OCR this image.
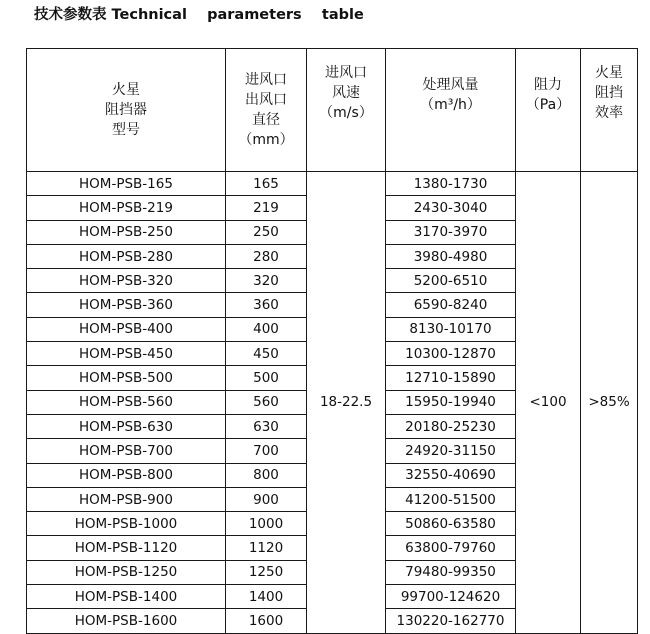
技术参数表 Technical    parameters    table
火星
阻挡器
型号	进风口
出风口
直径
（mm）	进风口
风速
（m/s）	处理风量
（m³/h）	阻力
（Pa）	火星
阻挡
效率

HOM-PSB-165	165	18-22.5	1380-1730	<100	>85%
HOM-PSB-219	219		2430-3040		
HOM-PSB-250	250		3170-3970		
HOM-PSB-280	280		3980-4980		
HOM-PSB-320	320		5200-6510		
HOM-PSB-360	360		6590-8240		
HOM-PSB-400	400		8130-10170		
HOM-PSB-450	450		10300-12870		
HOM-PSB-500	500		12710-15890		
HOM-PSB-560	560		15950-19940		
HOM-PSB-630	630		20180-25230		
HOM-PSB-700	700		24920-31150		
HOM-PSB-800	800		32550-40690		
HOM-PSB-900	900		41200-51500		
HOM-PSB-1000	1000		50860-63580		
HOM-PSB-1120	1120		63800-79760		
HOM-PSB-1250	1250		79480-99350		
HOM-PSB-1400	1400		99700-124620		
HOM-PSB-1600	1600		130220-162770		
